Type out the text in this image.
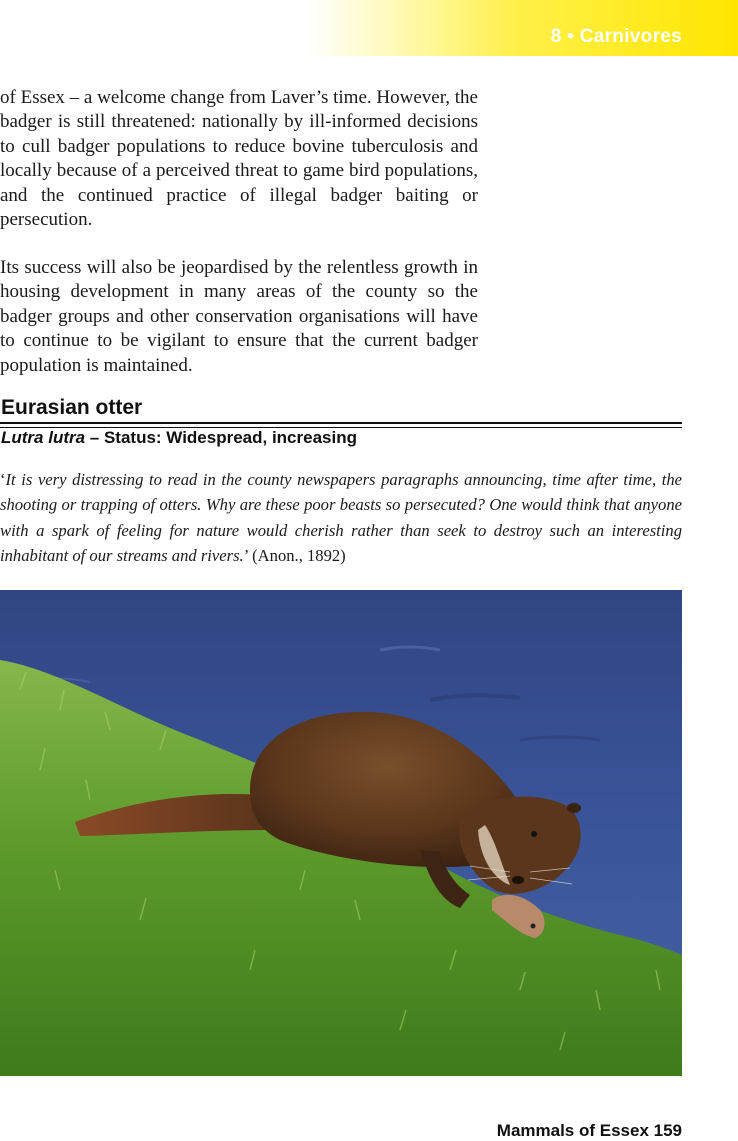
8 • Carnivores

of Essex – a welcome change from Laver’s time. However, the badger is still threatened: nationally by ill-informed decisions to cull badger populations to reduce bovine tuberculosis and locally because of a perceived threat to game bird populations, and the continued practice of illegal badger baiting or persecution.

Its success will also be jeopardised by the relentless growth in housing development in many areas of the county so the badger groups and other conservation organisations will have to continue to be vigilant to ensure that the current badger population is maintained.

Eurasian otter
Lutra lutra – Status: Widespread, increasing

‘It is very distressing to read in the county newspapers paragraphs announcing, time after time, the shooting or trapping of otters. Why are these poor beasts so persecuted? One would think that anyone with a spark of feeling for nature would cherish rather than seek to destroy such an interesting inhabitant of our streams and rivers.’ (Anon., 1892)

Mammals of Essex 159
